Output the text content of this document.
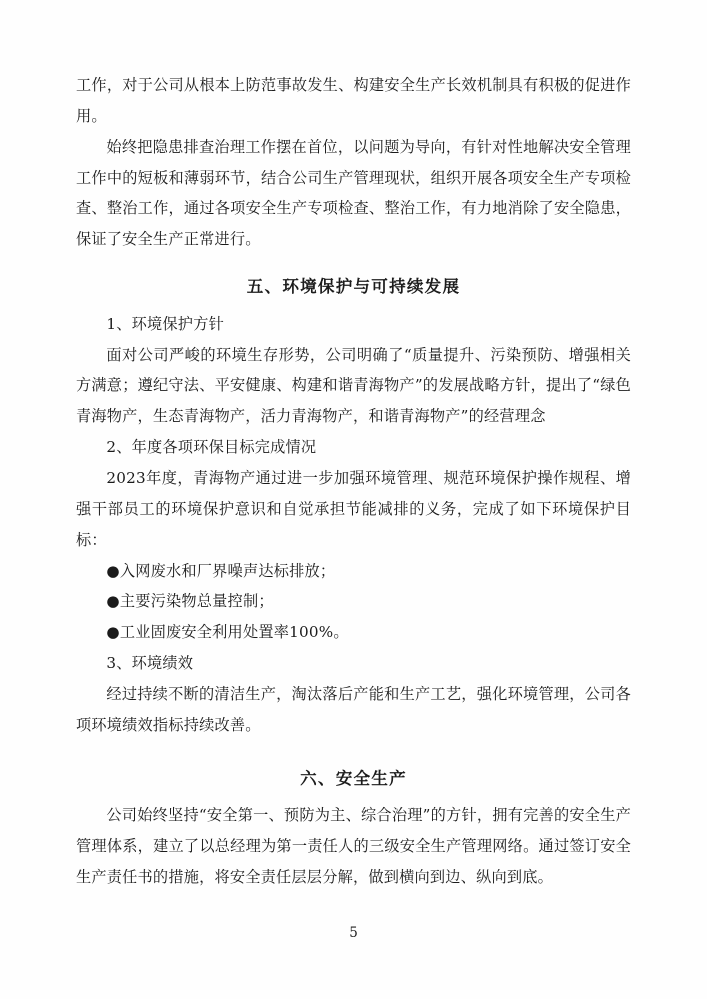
工作，对于公司从根本上防范事故发生、构建安全生产长效机制具有积极的促进作用。

始终把隐患排查治理工作摆在首位，以问题为导向，有针对性地解决安全管理工作中的短板和薄弱环节，结合公司生产管理现状，组织开展各项安全生产专项检查、整治工作，通过各项安全生产专项检查、整治工作，有力地消除了安全隐患，保证了安全生产正常进行。

五、环境保护与可持续发展

1、环境保护方针

面对公司严峻的环境生存形势，公司明确了“质量提升、污染预防、增强相关方满意；遵纪守法、平安健康、构建和谐青海物产”的发展战略方针，提出了“绿色青海物产，生态青海物产，活力青海物产，和谐青海物产”的经营理念

2、年度各项环保目标完成情况

2023年度，青海物产通过进一步加强环境管理、规范环境保护操作规程、增强干部员工的环境保护意识和自觉承担节能减排的义务，完成了如下环境保护目标：

●入网废水和厂界噪声达标排放；

●主要污染物总量控制；

●工业固废安全利用处置率100%。

3、环境绩效

经过持续不断的清洁生产，淘汰落后产能和生产工艺，强化环境管理，公司各项环境绩效指标持续改善。

六、安全生产

公司始终坚持“安全第一、预防为主、综合治理”的方针，拥有完善的安全生产管理体系，建立了以总经理为第一责任人的三级安全生产管理网络。通过签订安全生产责任书的措施，将安全责任层层分解，做到横向到边、纵向到底。

5
